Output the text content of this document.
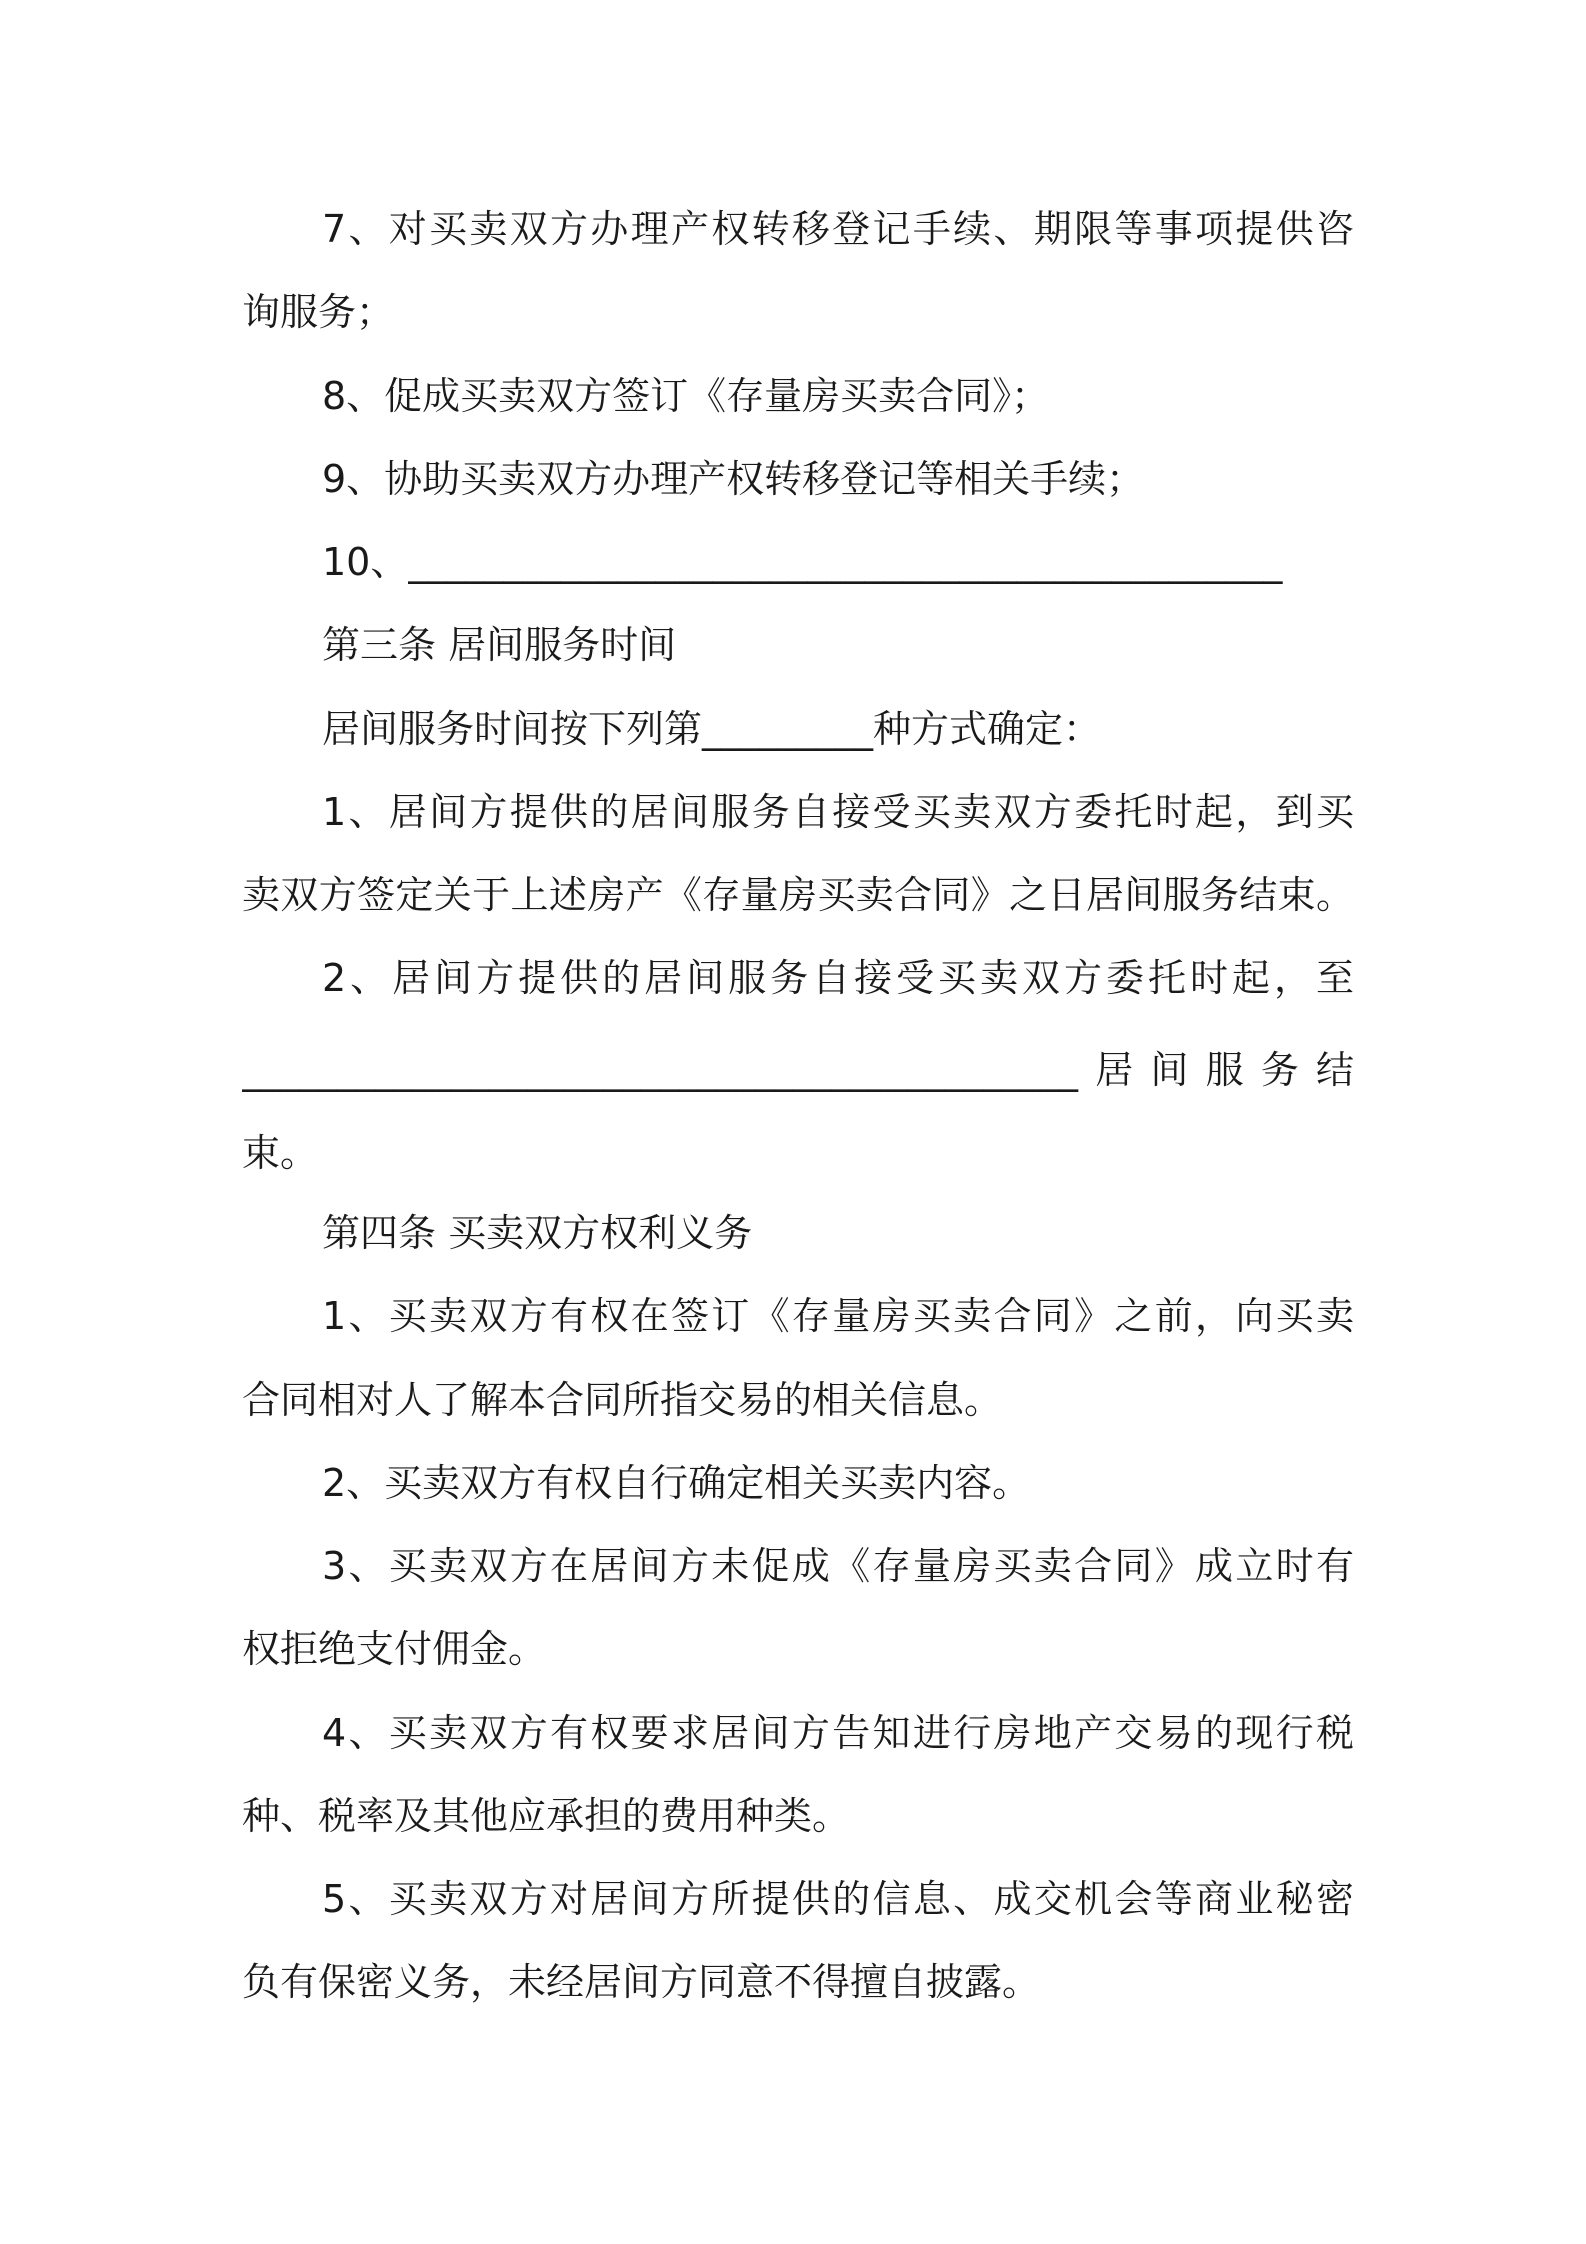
7、对买卖双方办理产权转移登记手续、期限等事项提供咨
询服务；
8、促成买卖双方签订《存量房买卖合同》；
9、协助买卖双方办理产权转移登记等相关手续；
10、______________________________________________
第三条 居间服务时间
居间服务时间按下列第_________种方式确定：
1、居间方提供的居间服务自接受买卖双方委托时起，到买
卖双方签定关于上述房产《存量房买卖合同》之日居间服务结束。
2、居间方提供的居间服务自接受买卖双方委托时起，至
____________________________________________居间服务结
束。
第四条 买卖双方权利义务
1、买卖双方有权在签订《存量房买卖合同》之前，向买卖
合同相对人了解本合同所指交易的相关信息。
2、买卖双方有权自行确定相关买卖内容。
3、买卖双方在居间方未促成《存量房买卖合同》成立时有
权拒绝支付佣金。
4、买卖双方有权要求居间方告知进行房地产交易的现行税
种、税率及其他应承担的费用种类。
5、买卖双方对居间方所提供的信息、成交机会等商业秘密
负有保密义务，未经居间方同意不得擅自披露。
